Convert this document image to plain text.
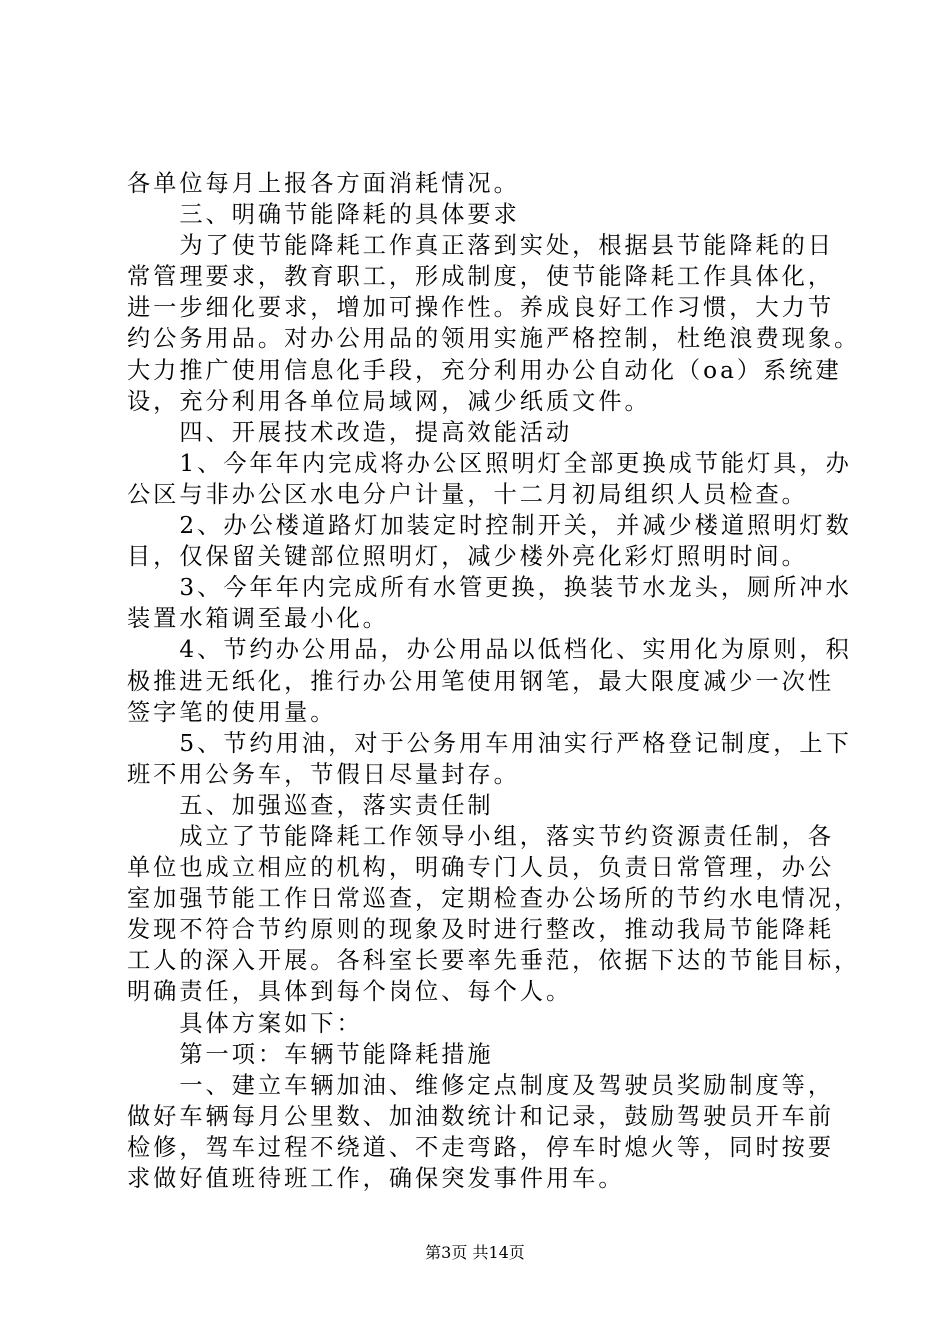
各单位每月上报各方面消耗情况。
　　三、明确节能降耗的具体要求
　　为了使节能降耗工作真正落到实处，根据县节能降耗的日
常管理要求，教育职工，形成制度，使节能降耗工作具体化，
进一步细化要求，增加可操作性。养成良好工作习惯，大力节
约公务用品。对办公用品的领用实施严格控制，杜绝浪费现象。
大力推广使用信息化手段，充分利用办公自动化（oa）系统建
设，充分利用各单位局域网，减少纸质文件。
　　四、开展技术改造，提高效能活动
　　1、今年年内完成将办公区照明灯全部更换成节能灯具，办
公区与非办公区水电分户计量，十二月初局组织人员检查。
　　2、办公楼道路灯加装定时控制开关，并减少楼道照明灯数
目，仅保留关键部位照明灯，减少楼外亮化彩灯照明时间。
　　3、今年年内完成所有水管更换，换装节水龙头，厕所冲水
装置水箱调至最小化。
　　4、节约办公用品，办公用品以低档化、实用化为原则，积
极推进无纸化，推行办公用笔使用钢笔，最大限度减少一次性
签字笔的使用量。
　　5、节约用油，对于公务用车用油实行严格登记制度，上下
班不用公务车，节假日尽量封存。
　　五、加强巡查，落实责任制
　　成立了节能降耗工作领导小组，落实节约资源责任制，各
单位也成立相应的机构，明确专门人员，负责日常管理，办公
室加强节能工作日常巡查，定期检查办公场所的节约水电情况，
发现不符合节约原则的现象及时进行整改，推动我局节能降耗
工人的深入开展。各科室长要率先垂范，依据下达的节能目标，
明确责任，具体到每个岗位、每个人。
　　具体方案如下：
　　第一项：车辆节能降耗措施
　　一、建立车辆加油、维修定点制度及驾驶员奖励制度等，
做好车辆每月公里数、加油数统计和记录，鼓励驾驶员开车前
检修，驾车过程不绕道、不走弯路，停车时熄火等，同时按要
求做好值班待班工作，确保突发事件用车。
第3页 共14页
